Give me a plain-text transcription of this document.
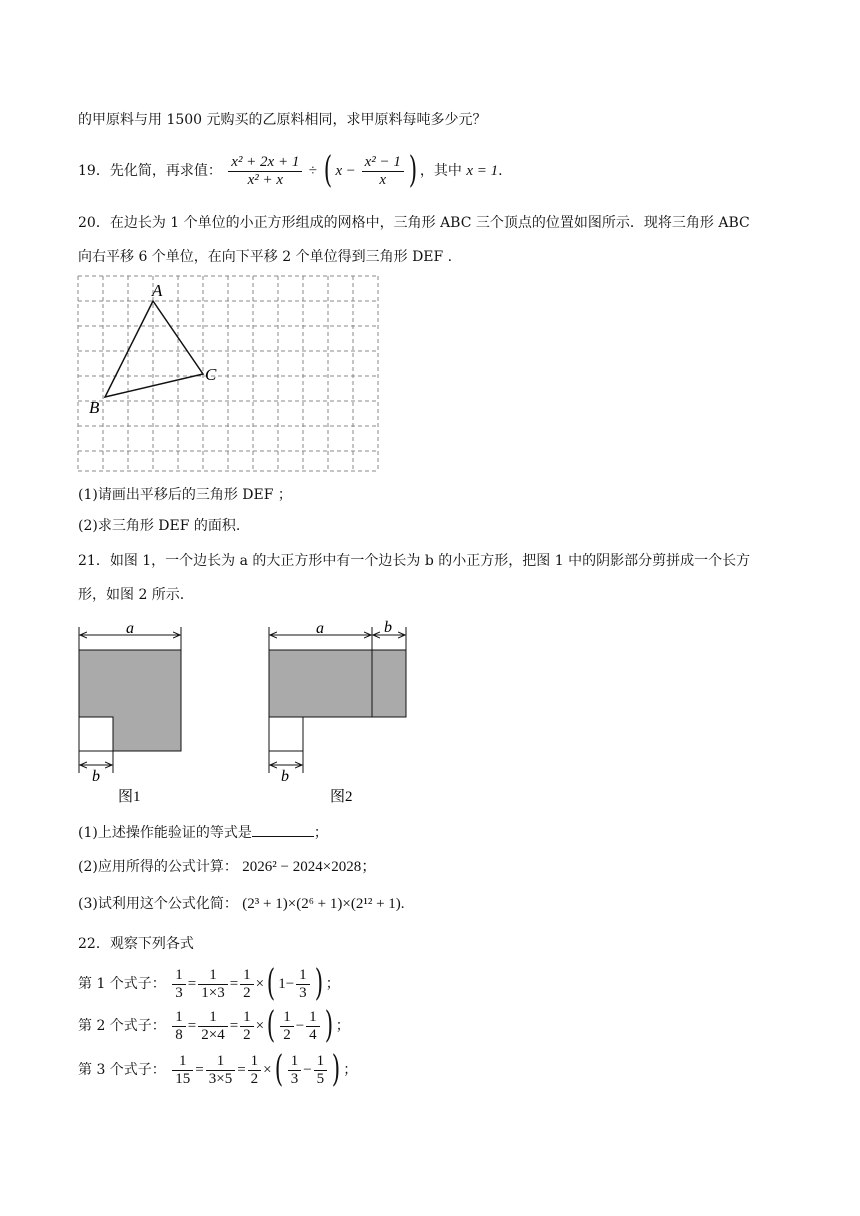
的甲原料与用 1500 元购买的乙原料相同，求甲原料每吨多少元？
19．先化简，再求值： $\frac{\text{x² + 2x + 1}}{\text{x² + x}}$ ÷ ( $x - \frac{\text{x² − 1}}{x}$ ) ，其中 x = 1.
20．在边长为 1 个单位的小正方形组成的网格中，三角形 ABC 三个顶点的位置如图所示．现将三角形 ABC
向右平移 6 个单位，在向下平移 2 个单位得到三角形 DEF .
A
C
B
(1)请画出平移后的三角形 DEF ；
(2)求三角形 DEF 的面积.
21．如图 1，一个边长为 a 的大正方形中有一个边长为 b 的小正方形，把图 1 中的阴影部分剪拼成一个长方
形，如图 2 所示.
a
b
图1
a	b
b
图2
(1)上述操作能验证的等式是	；
(2)应用所得的公式计算： 2026² − 2024×2028；
(3)试利用这个公式化简： (2³ + 1)×(2⁶ + 1)×(2¹² + 1).
22．观察下列各式
第 1 个式子： $\frac{1}{3} = \frac{1}{1\times 3} = \frac{1}{2}$ ×( $1- \frac{1}{3}$ ) ；
第 2 个式子： $\frac{1}{8} = \frac{1}{2\times 4} = \frac{1}{2}$ ×( $\frac{1}{2} - \frac{1}{4}$ ) ；
第 3 个式子： $\frac{1}{15} = \frac{1}{3\times 5} = \frac{1}{2}$ ×( $\frac{1}{3} - \frac{1}{5}$ ) ；
